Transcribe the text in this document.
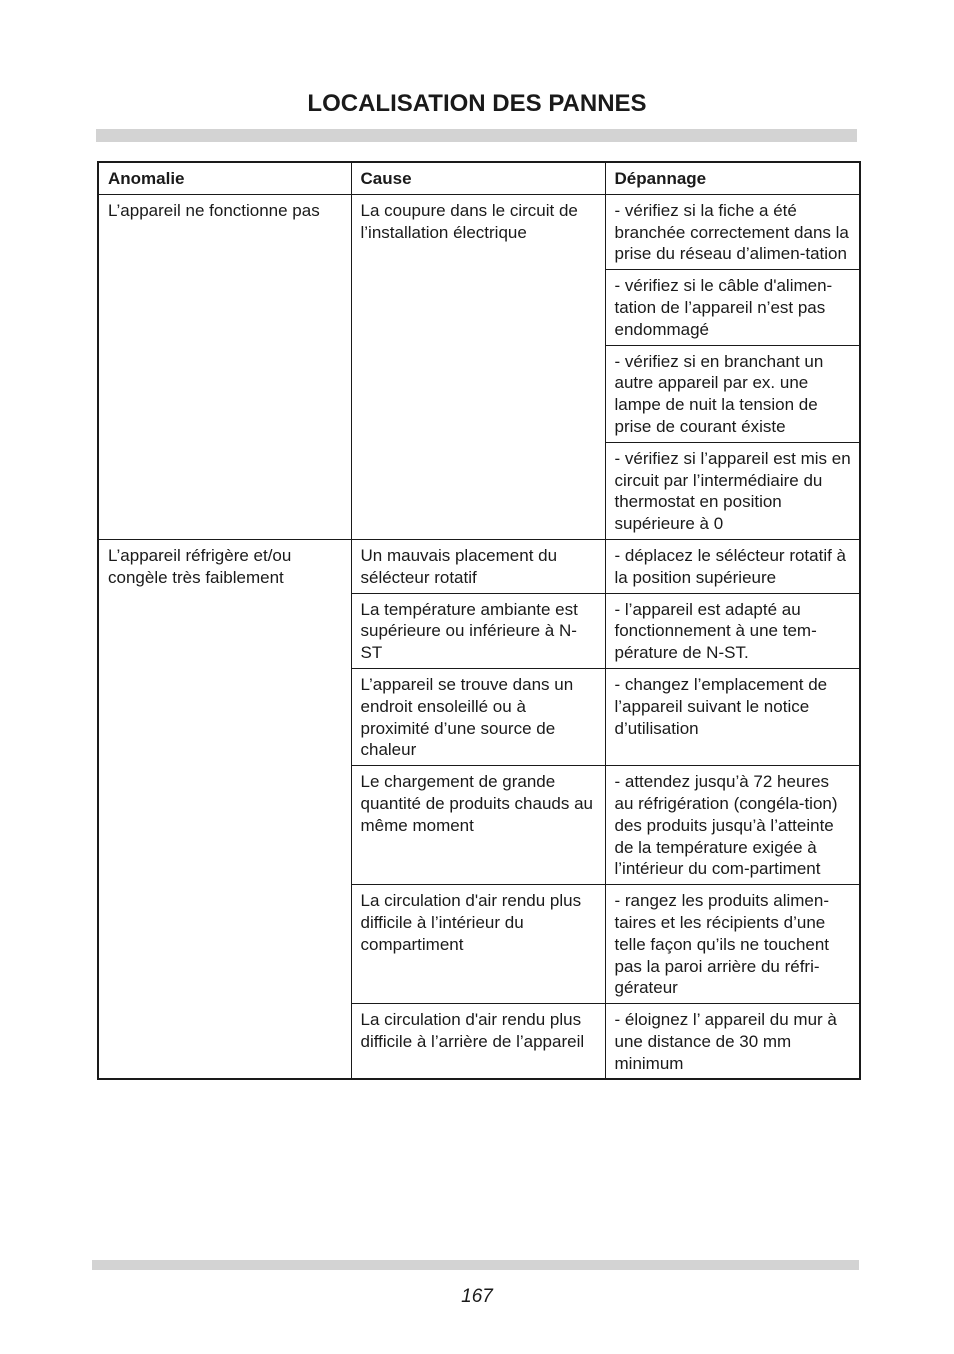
LOCALISATION DES PANNES
Anomalie	Cause	Dépannage
L’appareil ne fonctionne pas	La coupure dans le circuit de l’installation électrique	- vérifiez si la fiche a été branchée correctement dans la prise du réseau d’alimen-tation
		- vérifiez si le câble d'alimen-tation de l’appareil n’est pas endommagé
		- vérifiez si en branchant un autre appareil par ex. une lampe de nuit la tension de prise de courant éxiste
		- vérifiez si l’appareil est mis en circuit par l’intermédiaire du thermostat en position supérieure à 0
L’appareil réfrigère et/ou congèle très faiblement	Un mauvais placement du sélécteur rotatif	- déplacez le sélécteur rotatif à la position supérieure
	La température ambiante est supérieure ou inférieure à N-ST	- l’appareil est adapté au fonctionnement à une tem-pérature de N-ST.
	L’appareil se trouve dans un endroit ensoleillé ou à proximité d’une source de chaleur	- changez l’emplacement de l’appareil suivant le notice d’utilisation
	Le chargement de grande quantité de produits chauds au même moment	- attendez jusqu’à 72 heures au réfrigération (congéla-tion) des produits jusqu’à l’atteinte de la température exigée à l’intérieur du com-partiment
	La circulation d'air rendu plus difficile à l’intérieur du compartiment	- rangez les produits alimen-taires et les récipients d’une telle façon qu’ils ne touchent pas la paroi arrière du réfri-gérateur
	La circulation d'air rendu plus difficile à l’arrière de l’appareil	- éloignez l’ appareil du mur à une distance de 30 mm minimum
167
